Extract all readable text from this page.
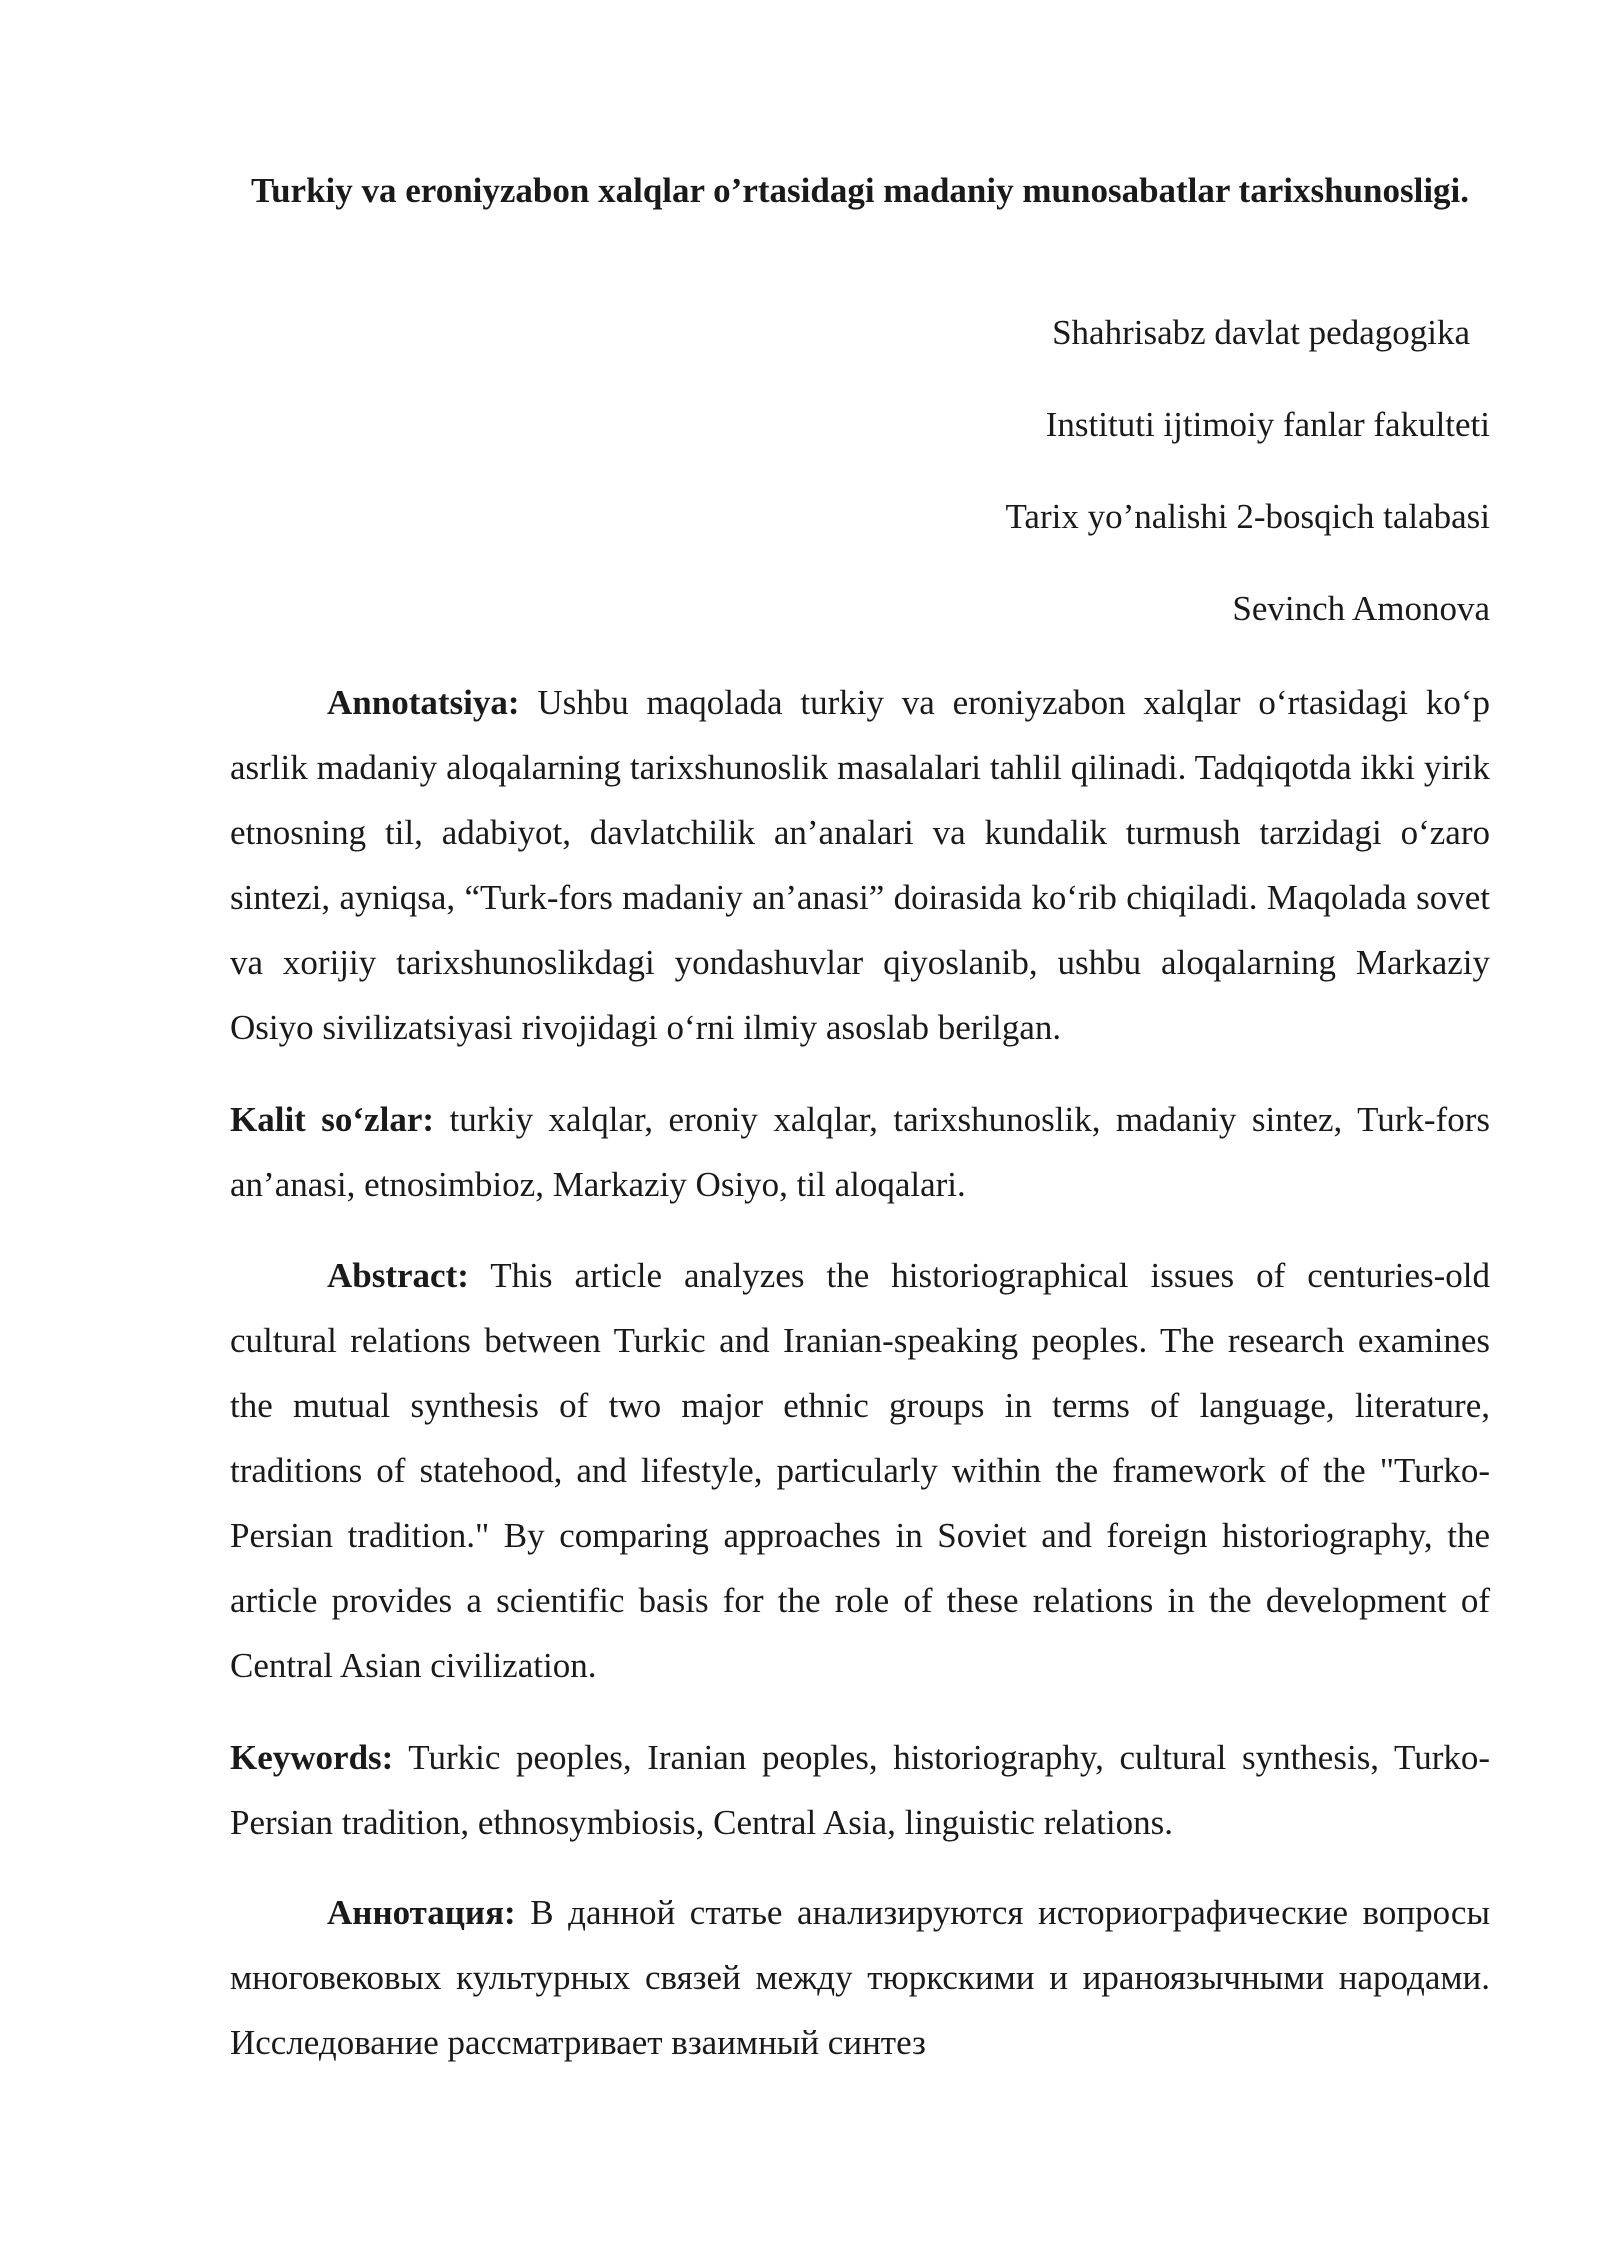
Turkiy va eroniyzabon xalqlar o’rtasidagi madaniy munosabatlar tarixshunosligi.
Shahrisabz davlat pedagogika
Instituti ijtimoiy fanlar fakulteti
Tarix yo’nalishi 2-bosqich talabasi
Sevinch Amonova

Annotatsiya: Ushbu maqolada turkiy va eroniyzabon xalqlar oʻrtasidagi koʻp asrlik madaniy aloqalarning tarixshunoslik masalalari tahlil qilinadi. Tadqiqotda ikki yirik etnosning til, adabiyot, davlatchilik an’analari va kundalik turmush tarzidagi oʻzaro sintezi, ayniqsa, “Turk-fors madaniy an’anasi” doirasida koʻrib chiqiladi. Maqolada sovet va xorijiy tarixshunoslikdagi yondashuvlar qiyoslanib, ushbu aloqalarning Markaziy Osiyo sivilizatsiyasi rivojidagi oʻrni ilmiy asoslab berilgan.

Kalit soʻzlar: turkiy xalqlar, eroniy xalqlar, tarixshunoslik, madaniy sintez, Turk-fors an’anasi, etnosimbioz, Markaziy Osiyo, til aloqalari.

Abstract: This article analyzes the historiographical issues of centuries-old cultural relations between Turkic and Iranian-speaking peoples. The research examines the mutual synthesis of two major ethnic groups in terms of language, literature, traditions of statehood, and lifestyle, particularly within the framework of the "Turko-Persian tradition." By comparing approaches in Soviet and foreign historiography, the article provides a scientific basis for the role of these relations in the development of Central Asian civilization.

Keywords: Turkic peoples, Iranian peoples, historiography, cultural synthesis, Turko-Persian tradition, ethnosymbiosis, Central Asia, linguistic relations.

Аннотация: В данной статье анализируются историографические вопросы многовековых культурных связей между тюркскими и ираноязычными народами. Исследование рассматривает взаимный синтез
